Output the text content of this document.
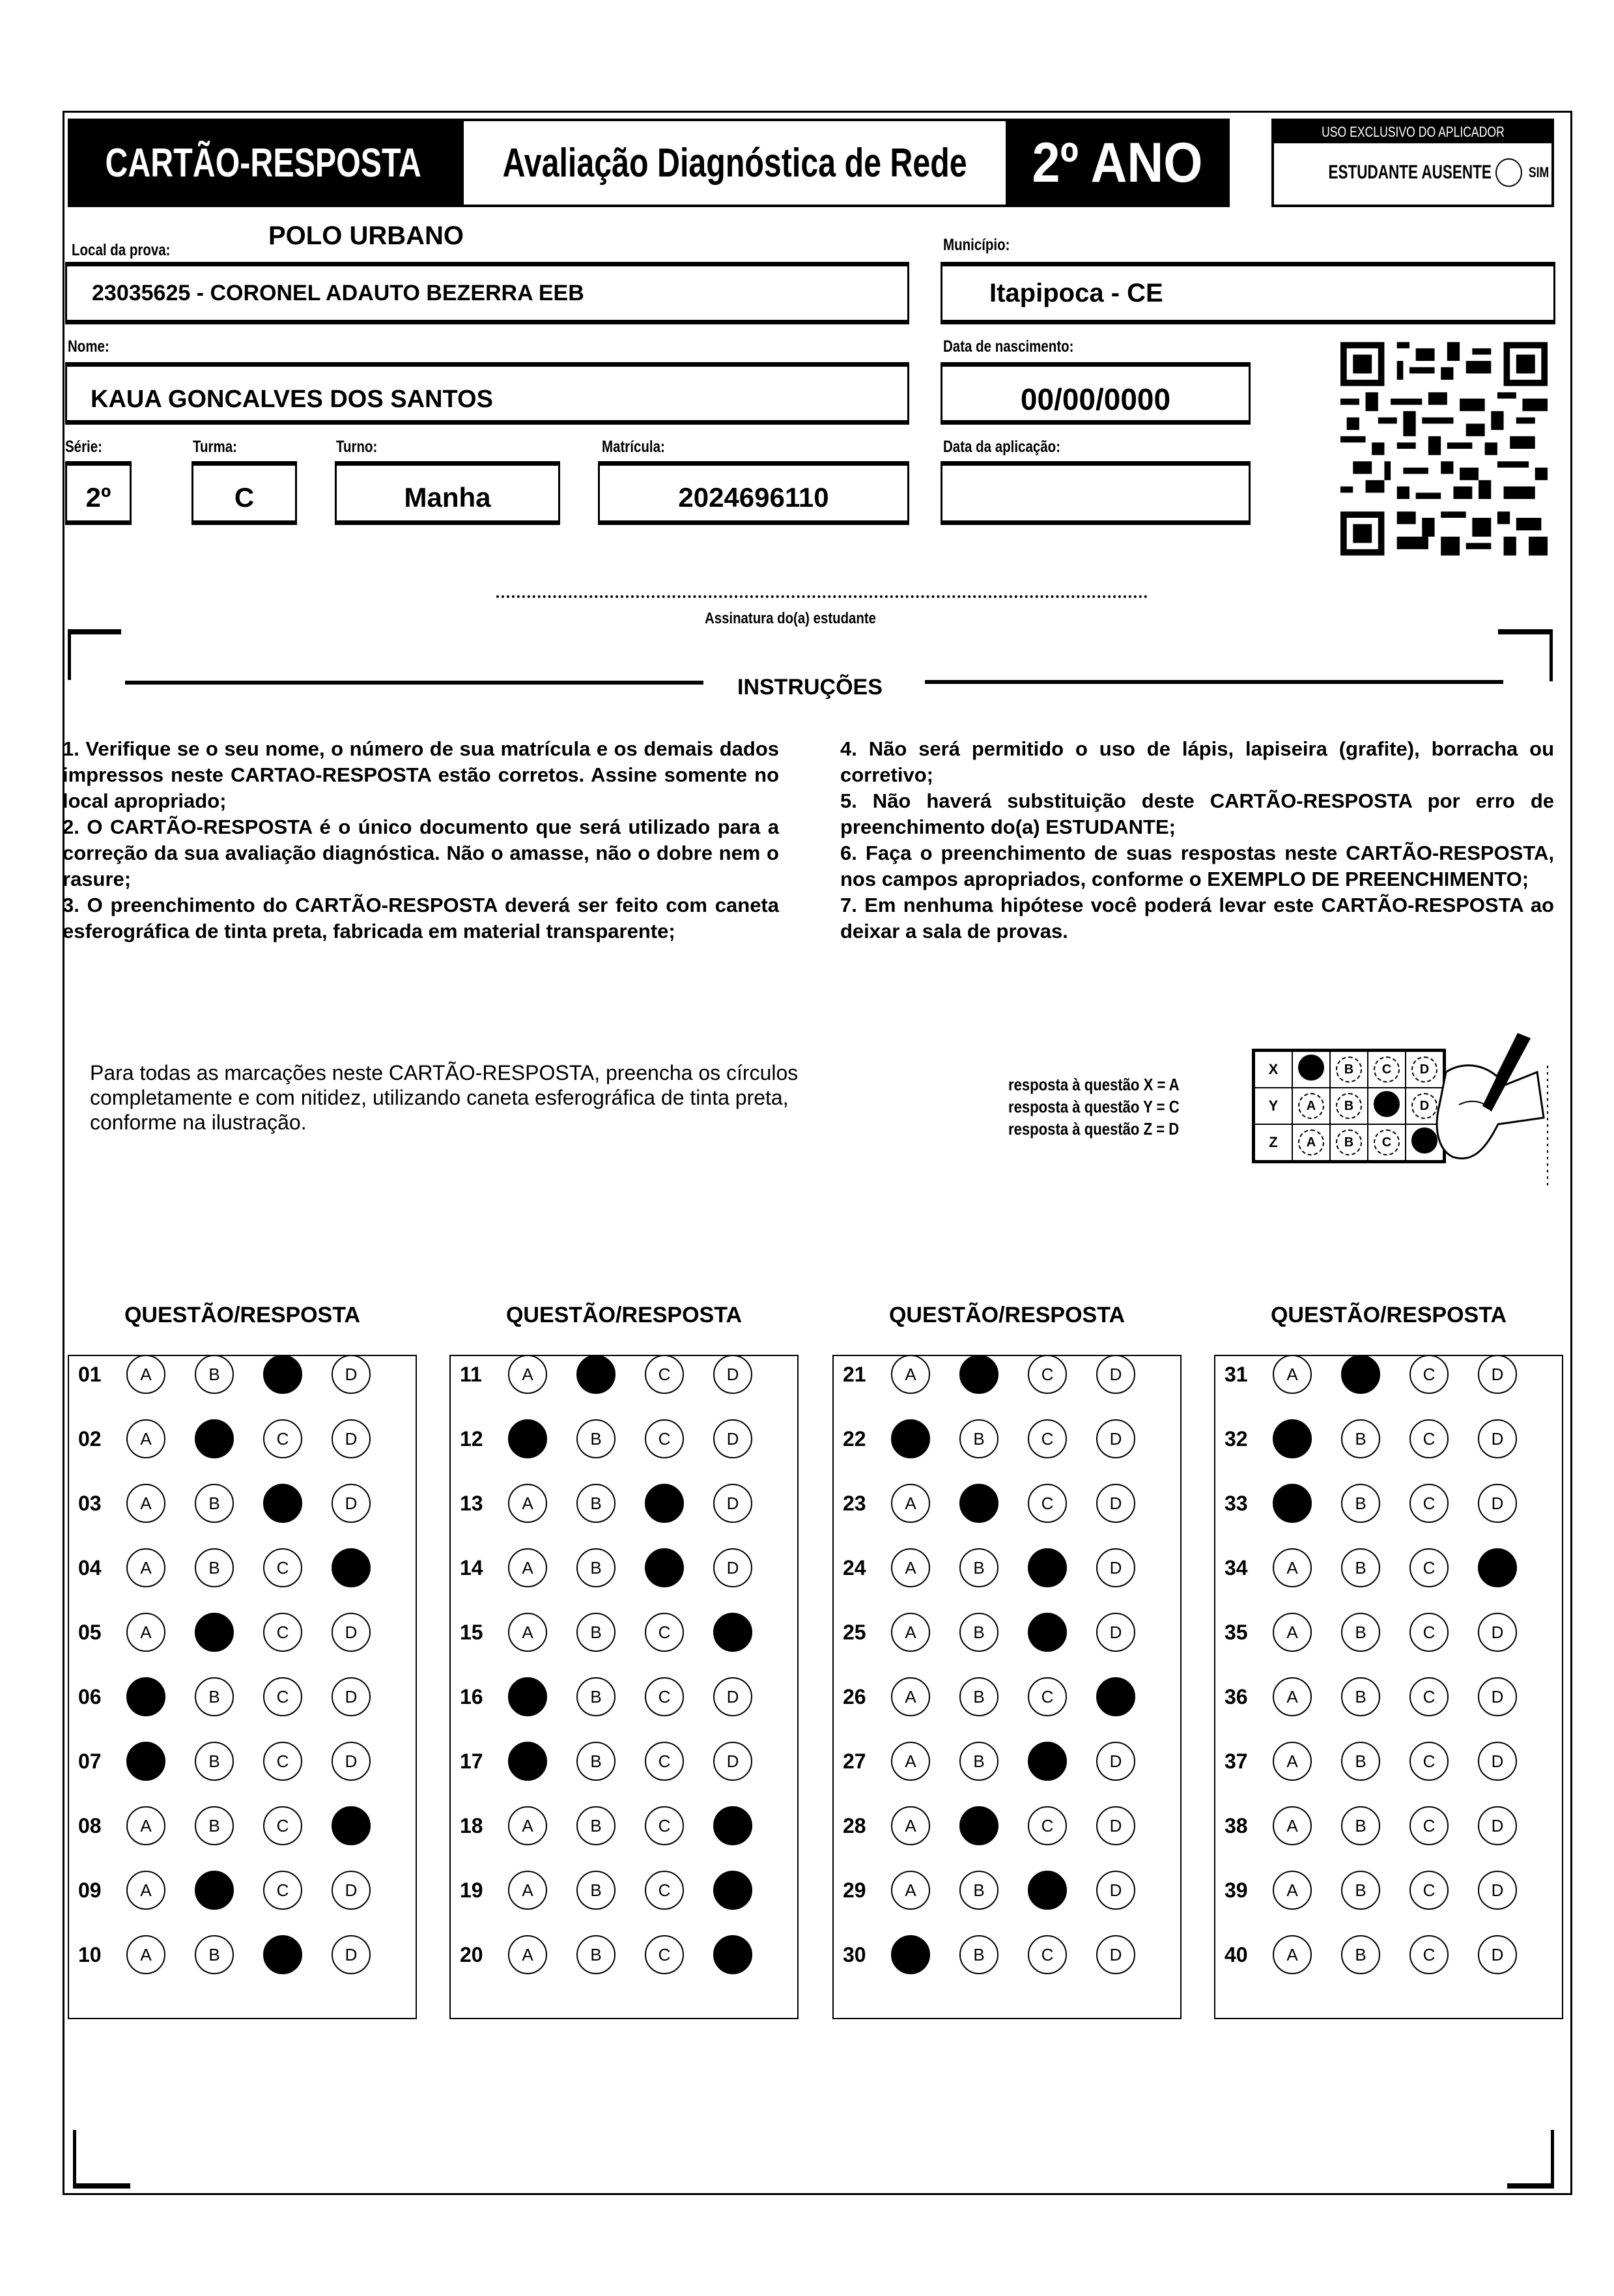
CARTÃO-RESPOSTA Avaliação Diagnóstica de Rede 2º ANO	USO EXCLUSIVO DO APLICADOR
ESTUDANTE AUSENTE	SIM
Local da prova:	POLO URBANO	Município:
23035625 - CORONEL ADAUTO BEZERRA EEB	Itapipoca - CE
Nome:	Data de nascimento:
KAUA GONCALVES DOS SANTOS	00/00/0000
Série:	Turma:	Turno:	Matrícula:	Data da aplicação:
2º	C	Manha	2024696110
Assinatura do(a) estudante
INSTRUÇÕES

1. Verifique se o seu nome, o número de sua matrícula e os demais dados impressos neste CARTAO-RESPOSTA estão corretos. Assine somente no local apropriado;

2. O CARTÃO-RESPOSTA é o único documento que será utilizado para a correção da sua avaliação diagnóstica. Não o amasse, não o dobre nem o rasure;

3. O preenchimento do CARTÃO-RESPOSTA deverá ser feito com caneta esferográfica de tinta preta, fabricada em material transparente;

4. Não será permitido o uso de lápis, lapiseira (grafite), borracha ou corretivo;

5. Não haverá substituição deste CARTÃO-RESPOSTA por erro de preenchimento do(a) ESTUDANTE;

6. Faça o preenchimento de suas respostas neste CARTÃO-RESPOSTA, nos campos apropriados, conforme o EXEMPLO DE PREENCHIMENTO;

7. Em nenhuma hipótese você poderá levar este CARTÃO-RESPOSTA ao deixar a sala de provas.

Para todas as marcações neste CARTÃO-RESPOSTA, preencha os círculos completamente e com nitidez, utilizando caneta esferográfica de tinta preta, conforme na ilustração.
resposta à questão X = A
resposta à questão Y = C
resposta à questão Z = D
X		B	C	D
Y	A	B		D
Z	A	B	C	
QUESTÃO/RESPOSTA
01	A	B	C	D
02	A	B	C	D
03	A	B	C	D
04	A	B	C	D
05	A	B	C	D
06	A	B	C	D
07	A	B	C	D
08	A	B	C	D
09	A	B	C	D
10	A	B	C	D
QUESTÃO/RESPOSTA
11	A	B	C	D
12	A	B	C	D
13	A	B	C	D
14	A	B	C	D
15	A	B	C	D
16	A	B	C	D
17	A	B	C	D
18	A	B	C	D
19	A	B	C	D
20	A	B	C	D
QUESTÃO/RESPOSTA
21	A	B	C	D
22	A	B	C	D
23	A	B	C	D
24	A	B	C	D
25	A	B	C	D
26	A	B	C	D
27	A	B	C	D
28	A	B	C	D
29	A	B	C	D
30	A	B	C	D
QUESTÃO/RESPOSTA
31	A	B	C	D
32	A	B	C	D
33	A	B	C	D
34	A	B	C	D
35	A	B	C	D
36	A	B	C	D
37	A	B	C	D
38	A	B	C	D
39	A	B	C	D
40	A	B	C	D
